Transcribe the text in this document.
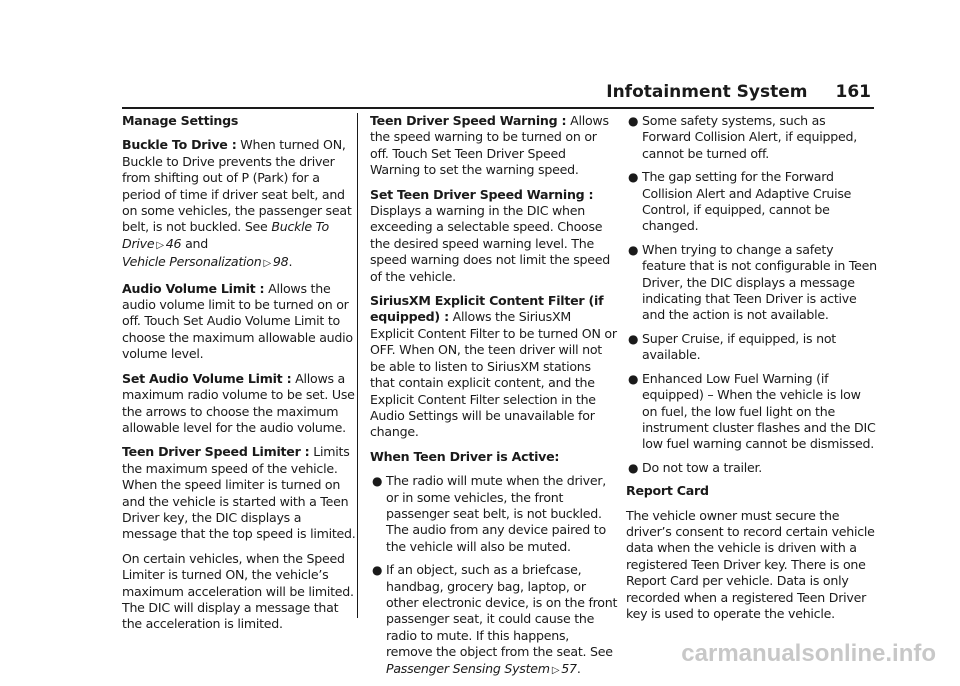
Infotainment System 161

Manage Settings

Buckle To Drive : When turned ON, Buckle to Drive prevents the driver from shifting out of P (Park) for a period of time if driver seat belt, and on some vehicles, the passenger seat belt, is not buckled. See Buckle To Drive ▷ 46 and
Vehicle Personalization ▷ 98.

Audio Volume Limit : Allows the audio volume limit to be turned on or off. Touch Set Audio Volume Limit to choose the maximum allowable audio volume level.

Set Audio Volume Limit : Allows a maximum radio volume to be set. Use the arrows to choose the maximum allowable level for the audio volume.

Teen Driver Speed Limiter : Limits the maximum speed of the vehicle. When the speed limiter is turned on and the vehicle is started with a Teen Driver key, the DIC displays a message that the top speed is limited.

On certain vehicles, when the Speed Limiter is turned ON, the vehicle’s maximum acceleration will be limited. The DIC will display a message that the acceleration is limited.

Teen Driver Speed Warning : Allows the speed warning to be turned on or off. Touch Set Teen Driver Speed Warning to set the warning speed.

Set Teen Driver Speed Warning : Displays a warning in the DIC when exceeding a selectable speed. Choose the desired speed warning level. The speed warning does not limit the speed of the vehicle.

SiriusXM Explicit Content Filter (if equipped) : Allows the SiriusXM Explicit Content Filter to be turned ON or OFF. When ON, the teen driver will not be able to listen to SiriusXM stations that contain explicit content, and the Explicit Content Filter selection in the Audio Settings will be unavailable for change.

When Teen Driver is Active:

● The radio will mute when the driver, or in some vehicles, the front passenger seat belt, is not buckled. The audio from any device paired to the vehicle will also be muted.
● If an object, such as a briefcase, handbag, grocery bag, laptop, or other electronic device, is on the front passenger seat, it could cause the radio to mute. If this happens, remove the object from the seat. See Passenger Sensing System ▷ 57.
● Some safety systems, such as Forward Collision Alert, if equipped, cannot be turned off.
● The gap setting for the Forward Collision Alert and Adaptive Cruise Control, if equipped, cannot be changed.
● When trying to change a safety feature that is not configurable in Teen Driver, the DIC displays a message indicating that Teen Driver is active and the action is not available.
● Super Cruise, if equipped, is not available.
● Enhanced Low Fuel Warning (if equipped) – When the vehicle is low on fuel, the low fuel light on the instrument cluster flashes and the DIC low fuel warning cannot be dismissed.
● Do not tow a trailer.

Report Card

The vehicle owner must secure the driver’s consent to record certain vehicle data when the vehicle is driven with a registered Teen Driver key. There is one Report Card per vehicle. Data is only recorded when a registered Teen Driver key is used to operate the vehicle.

carmanualsonline.info
